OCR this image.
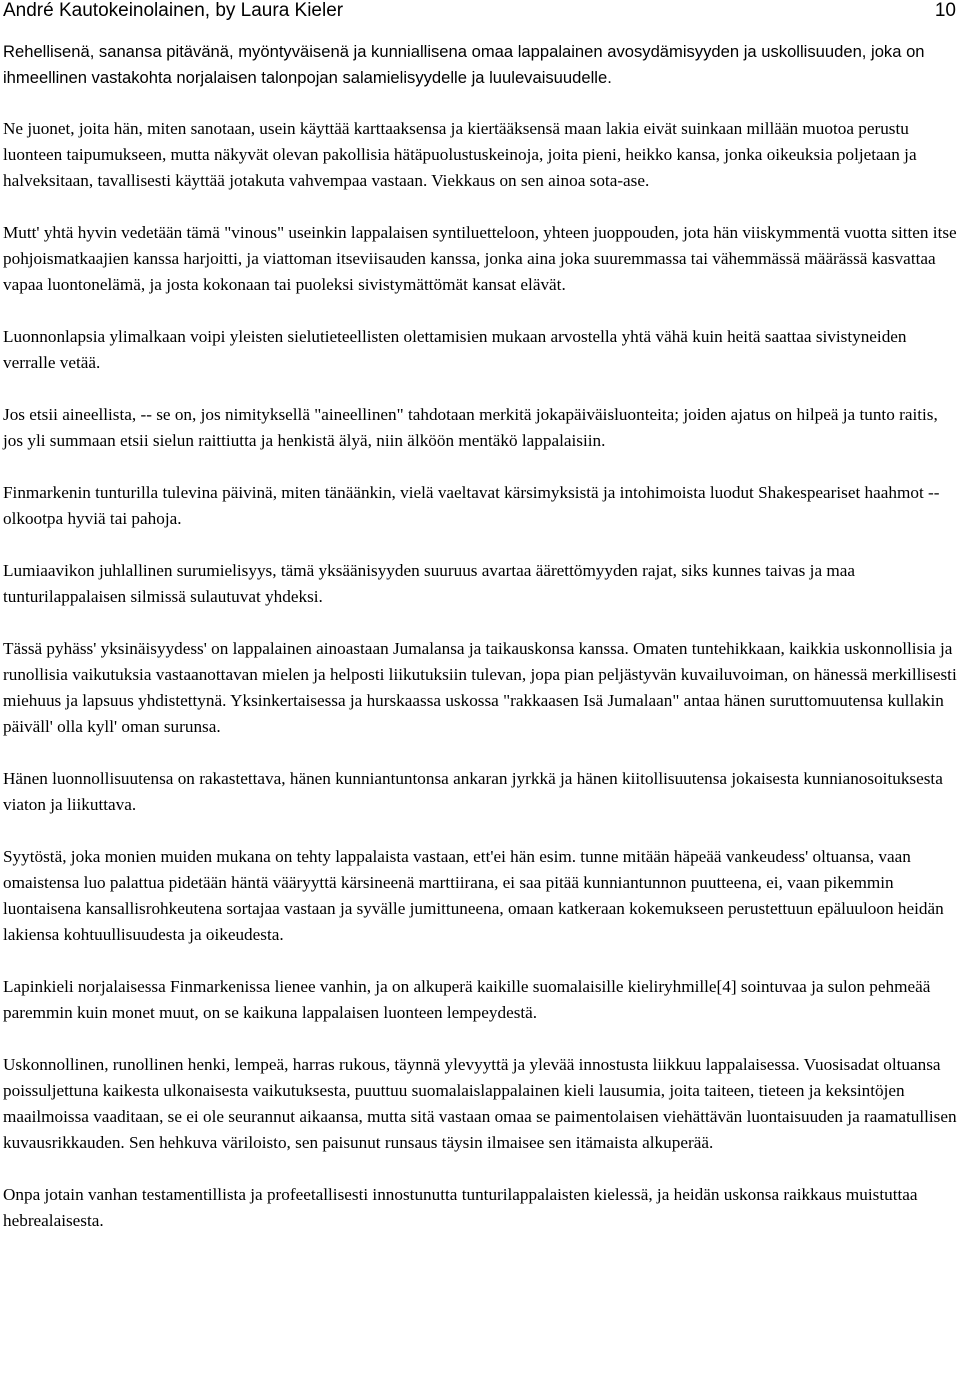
André Kautokeinolainen, by Laura Kieler	10

Rehellisenä, sanansa pitävänä, myöntyväisenä ja kunniallisena omaa lappalainen avosydämisyyden ja uskollisuuden, joka on ihmeellinen vastakohta norjalaisen talonpojan salamielisyydelle ja luulevaisuudelle.

Ne juonet, joita hän, miten sanotaan, usein käyttää karttaaksensa ja kiertääksensä maan lakia eivät suinkaan millään muotoa perustu luonteen taipumukseen, mutta näkyvät olevan pakollisia hätäpuolustuskeinoja, joita pieni, heikko kansa, jonka oikeuksia poljetaan ja halveksitaan, tavallisesti käyttää jotakuta vahvempaa vastaan. Viekkaus on sen ainoa sota-ase.

Mutt' yhtä hyvin vedetään tämä "vinous" useinkin lappalaisen syntiluetteloon, yhteen juoppouden, jota hän viiskymmentä vuotta sitten itse pohjoismatkaajien kanssa harjoitti, ja viattoman itseviisauden kanssa, jonka aina joka suuremmassa tai vähemmässä määrässä kasvattaa vapaa luontonelämä, ja josta kokonaan tai puoleksi sivistymättömät kansat elävät.

Luonnonlapsia ylimalkaan voipi yleisten sielutieteellisten olettamisien mukaan arvostella yhtä vähä kuin heitä saattaa sivistyneiden verralle vetää.

Jos etsii aineellista, -- se on, jos nimityksellä "aineellinen" tahdotaan merkitä jokapäiväisluonteita; joiden ajatus on hilpeä ja tunto raitis, jos yli summaan etsii sielun raittiutta ja henkistä älyä, niin älköön mentäkö lappalaisiin.

Finmarkenin tunturilla tulevina päivinä, miten tänäänkin, vielä vaeltavat kärsimyksistä ja intohimoista luodut Shakespeariset haahmot -- olkootpa hyviä tai pahoja.

Lumiaavikon juhlallinen surumielisyys, tämä yksäänisyyden suuruus avartaa äärettömyyden rajat, siks kunnes taivas ja maa tunturilappalaisen silmissä sulautuvat yhdeksi.

Tässä pyhäss' yksinäisyydess' on lappalainen ainoastaan Jumalansa ja taikauskonsa kanssa. Omaten tuntehikkaan, kaikkia uskonnollisia ja runollisia vaikutuksia vastaanottavan mielen ja helposti liikutuksiin tulevan, jopa pian peljästyvän kuvailuvoiman, on hänessä merkillisesti miehuus ja lapsuus yhdistettynä. Yksinkertaisessa ja hurskaassa uskossa "rakkaasen Isä Jumalaan" antaa hänen suruttomuutensa kullakin päiväll' olla kyll' oman surunsa.

Hänen luonnollisuutensa on rakastettava, hänen kunniantuntonsa ankaran jyrkkä ja hänen kiitollisuutensa jokaisesta kunnianosoituksesta viaton ja liikuttava.

Syytöstä, joka monien muiden mukana on tehty lappalaista vastaan, ett'ei hän esim. tunne mitään häpeää vankeudess' oltuansa, vaan omaistensa luo palattua pidetään häntä vääryyttä kärsineenä marttiirana, ei saa pitää kunniantunnon puutteena, ei, vaan pikemmin luontaisena kansallisrohkeutena sortajaa vastaan ja syvälle jumittuneena, omaan katkeraan kokemukseen perustettuun epäluuloon heidän lakiensa kohtuullisuudesta ja oikeudesta.

Lapinkieli norjalaisessa Finmarkenissa lienee vanhin, ja on alkuperä kaikille suomalaisille kieliryhmille[4] sointuvaa ja sulon pehmeää paremmin kuin monet muut, on se kaikuna lappalaisen luonteen lempeydestä.

Uskonnollinen, runollinen henki, lempeä, harras rukous, täynnä ylevyyttä ja ylevää innostusta liikkuu lappalaisessa. Vuosisadat oltuansa poissuljettuna kaikesta ulkonaisesta vaikutuksesta, puuttuu suomalaislappalainen kieli lausumia, joita taiteen, tieteen ja keksintöjen maailmoissa vaaditaan, se ei ole seurannut aikaansa, mutta sitä vastaan omaa se paimentolaisen viehättävän luontaisuuden ja raamatullisen kuvausrikkauden. Sen hehkuva väriloisto, sen paisunut runsaus täysin ilmaisee sen itämaista alkuperää.

Onpa jotain vanhan testamentillista ja profeetallisesti innostunutta tunturilappalaisten kielessä, ja heidän uskonsa raikkaus muistuttaa hebrealaisesta.
